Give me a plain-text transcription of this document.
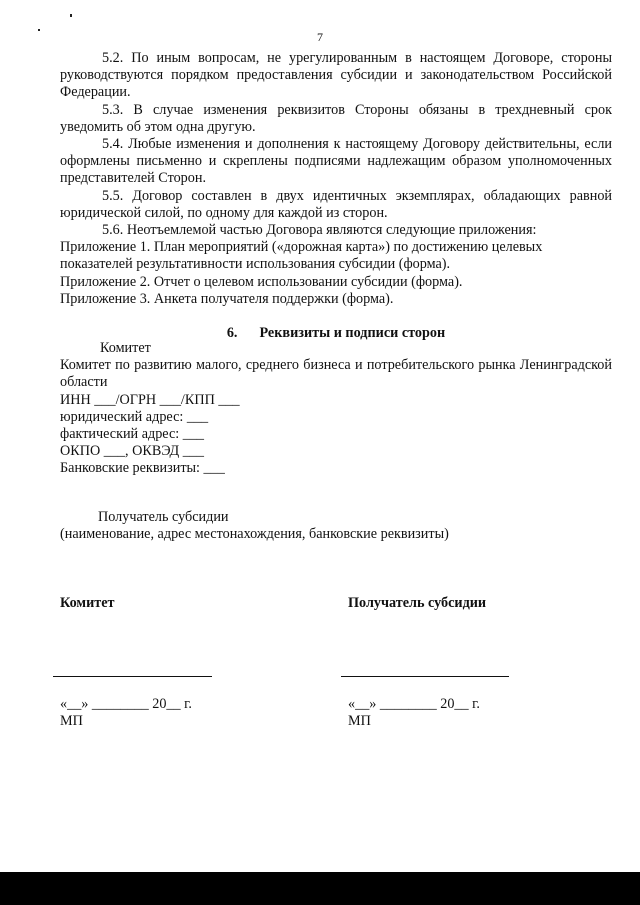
7

5.2. По иным вопросам, не урегулированным в настоящем Договоре, стороны руководствуются порядком предоставления субсидии и законодательством Российской Федерации.

5.3. В случае изменения реквизитов Стороны обязаны в трехдневный срок уведомить об этом одна другую.

5.4. Любые изменения и дополнения к настоящему Договору действительны, если оформлены письменно и скреплены подписями надлежащим образом уполномоченных представителей Сторон.

5.5. Договор составлен в двух идентичных экземплярах, обладающих равной юридической силой, по одному для каждой из сторон.

5.6. Неотъемлемой частью Договора являются следующие приложения:

Приложение 1. План мероприятий («дорожная карта») по достижению целевых показателей результативности использования субсидии (форма).

Приложение 2. Отчет о целевом использовании субсидии (форма).

Приложение 3. Анкета получателя поддержки (форма).

6. Реквизиты и подписи сторон
Комитет
Комитет по развитию малого, среднего бизнеса и потребительского рынка Ленинградской области
ИНН ___/ОГРН ___/КПП ___
юридический адрес: ___
фактический адрес: ___
ОКПО ___, ОКВЭД ___
Банковские реквизиты: ___
Получатель субсидии
(наименование, адрес местонахождения, банковские реквизиты)
Комитет	Получатель субсидии
«__» ________ 20__ г.	«__» ________ 20__ г.
МП	МП
